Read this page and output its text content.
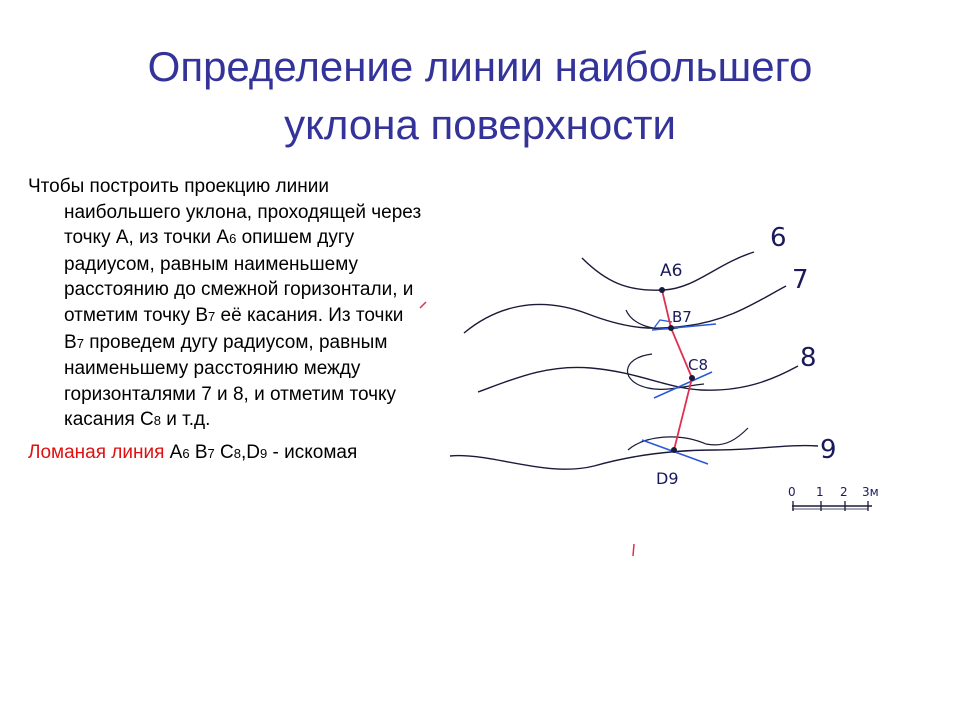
Определение линии наибольшего
уклона поверхности

Чтобы построить проекцию линии наибольшего уклона, проходящей через точку А, из точки А6 опишем дугу радиусом, равным наименьшему расстоянию до смежной горизонтали, и отметим точку В7 её касания. Из точки В7 проведем дугу радиусом, равным наименьшему расстоянию между горизонталями 7 и 8, и отметим точку касания С8 и т.д.

Ломаная линия А6 В7 С8,D9 - искомая

6
7
8
9
A6
B7
C8
D9
0 1 2 3м
